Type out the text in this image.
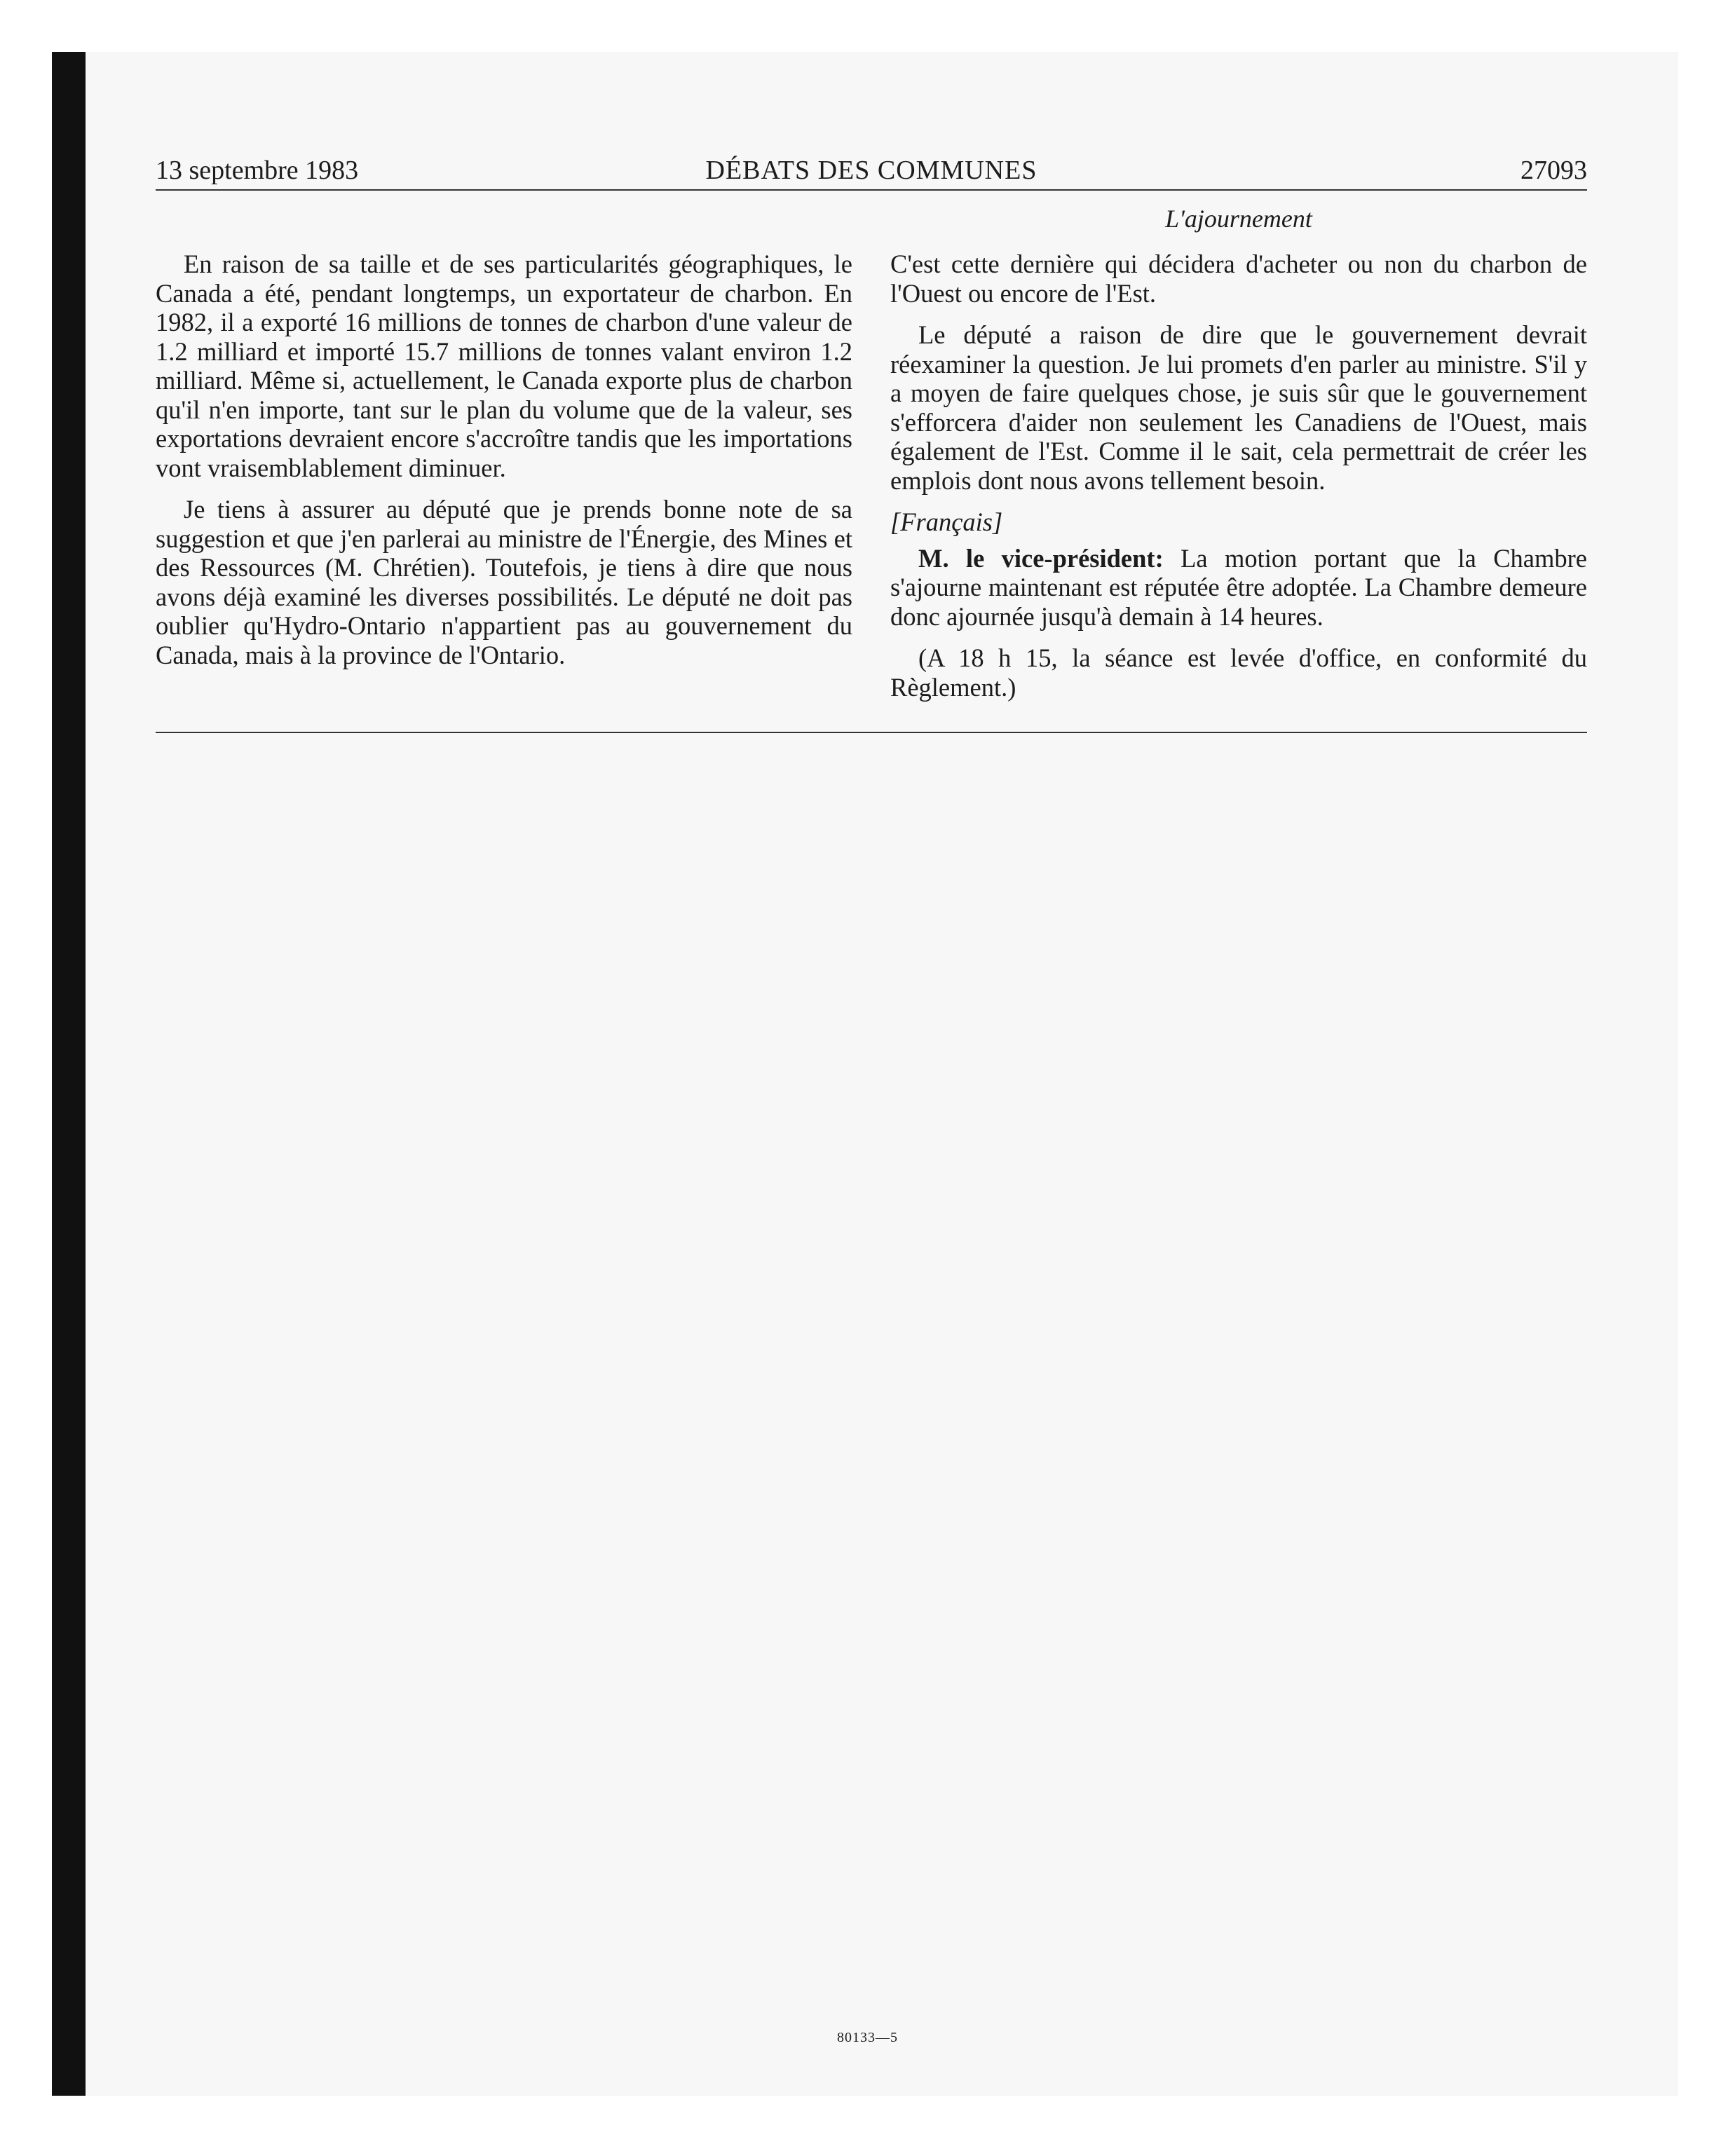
13 septembre 1983	DÉBATS DES COMMUNES	27093
L'ajournement

En raison de sa taille et de ses particularités géographiques, le Canada a été, pendant longtemps, un exportateur de charbon. En 1982, il a exporté 16 millions de tonnes de charbon d'une valeur de 1.2 milliard et importé 15.7 millions de tonnes valant environ 1.2 milliard. Même si, actuellement, le Canada exporte plus de charbon qu'il n'en importe, tant sur le plan du volume que de la valeur, ses exportations devraient encore s'accroître tandis que les importations vont vraisemblablement diminuer.

Je tiens à assurer au député que je prends bonne note de sa suggestion et que j'en parlerai au ministre de l'Énergie, des Mines et des Ressources (M. Chrétien). Toutefois, je tiens à dire que nous avons déjà examiné les diverses possibilités. Le député ne doit pas oublier qu'Hydro-Ontario n'appartient pas au gouvernement du Canada, mais à la province de l'Ontario.

C'est cette dernière qui décidera d'acheter ou non du charbon de l'Ouest ou encore de l'Est.

Le député a raison de dire que le gouvernement devrait réexaminer la question. Je lui promets d'en parler au ministre. S'il y a moyen de faire quelques chose, je suis sûr que le gouvernement s'efforcera d'aider non seulement les Canadiens de l'Ouest, mais également de l'Est. Comme il le sait, cela permettrait de créer les emplois dont nous avons tellement besoin.

[Français]

M. le vice-président: La motion portant que la Chambre s'ajourne maintenant est réputée être adoptée. La Chambre demeure donc ajournée jusqu'à demain à 14 heures.

(A 18 h 15, la séance est levée d'office, en conformité du Règlement.)

80133—5
